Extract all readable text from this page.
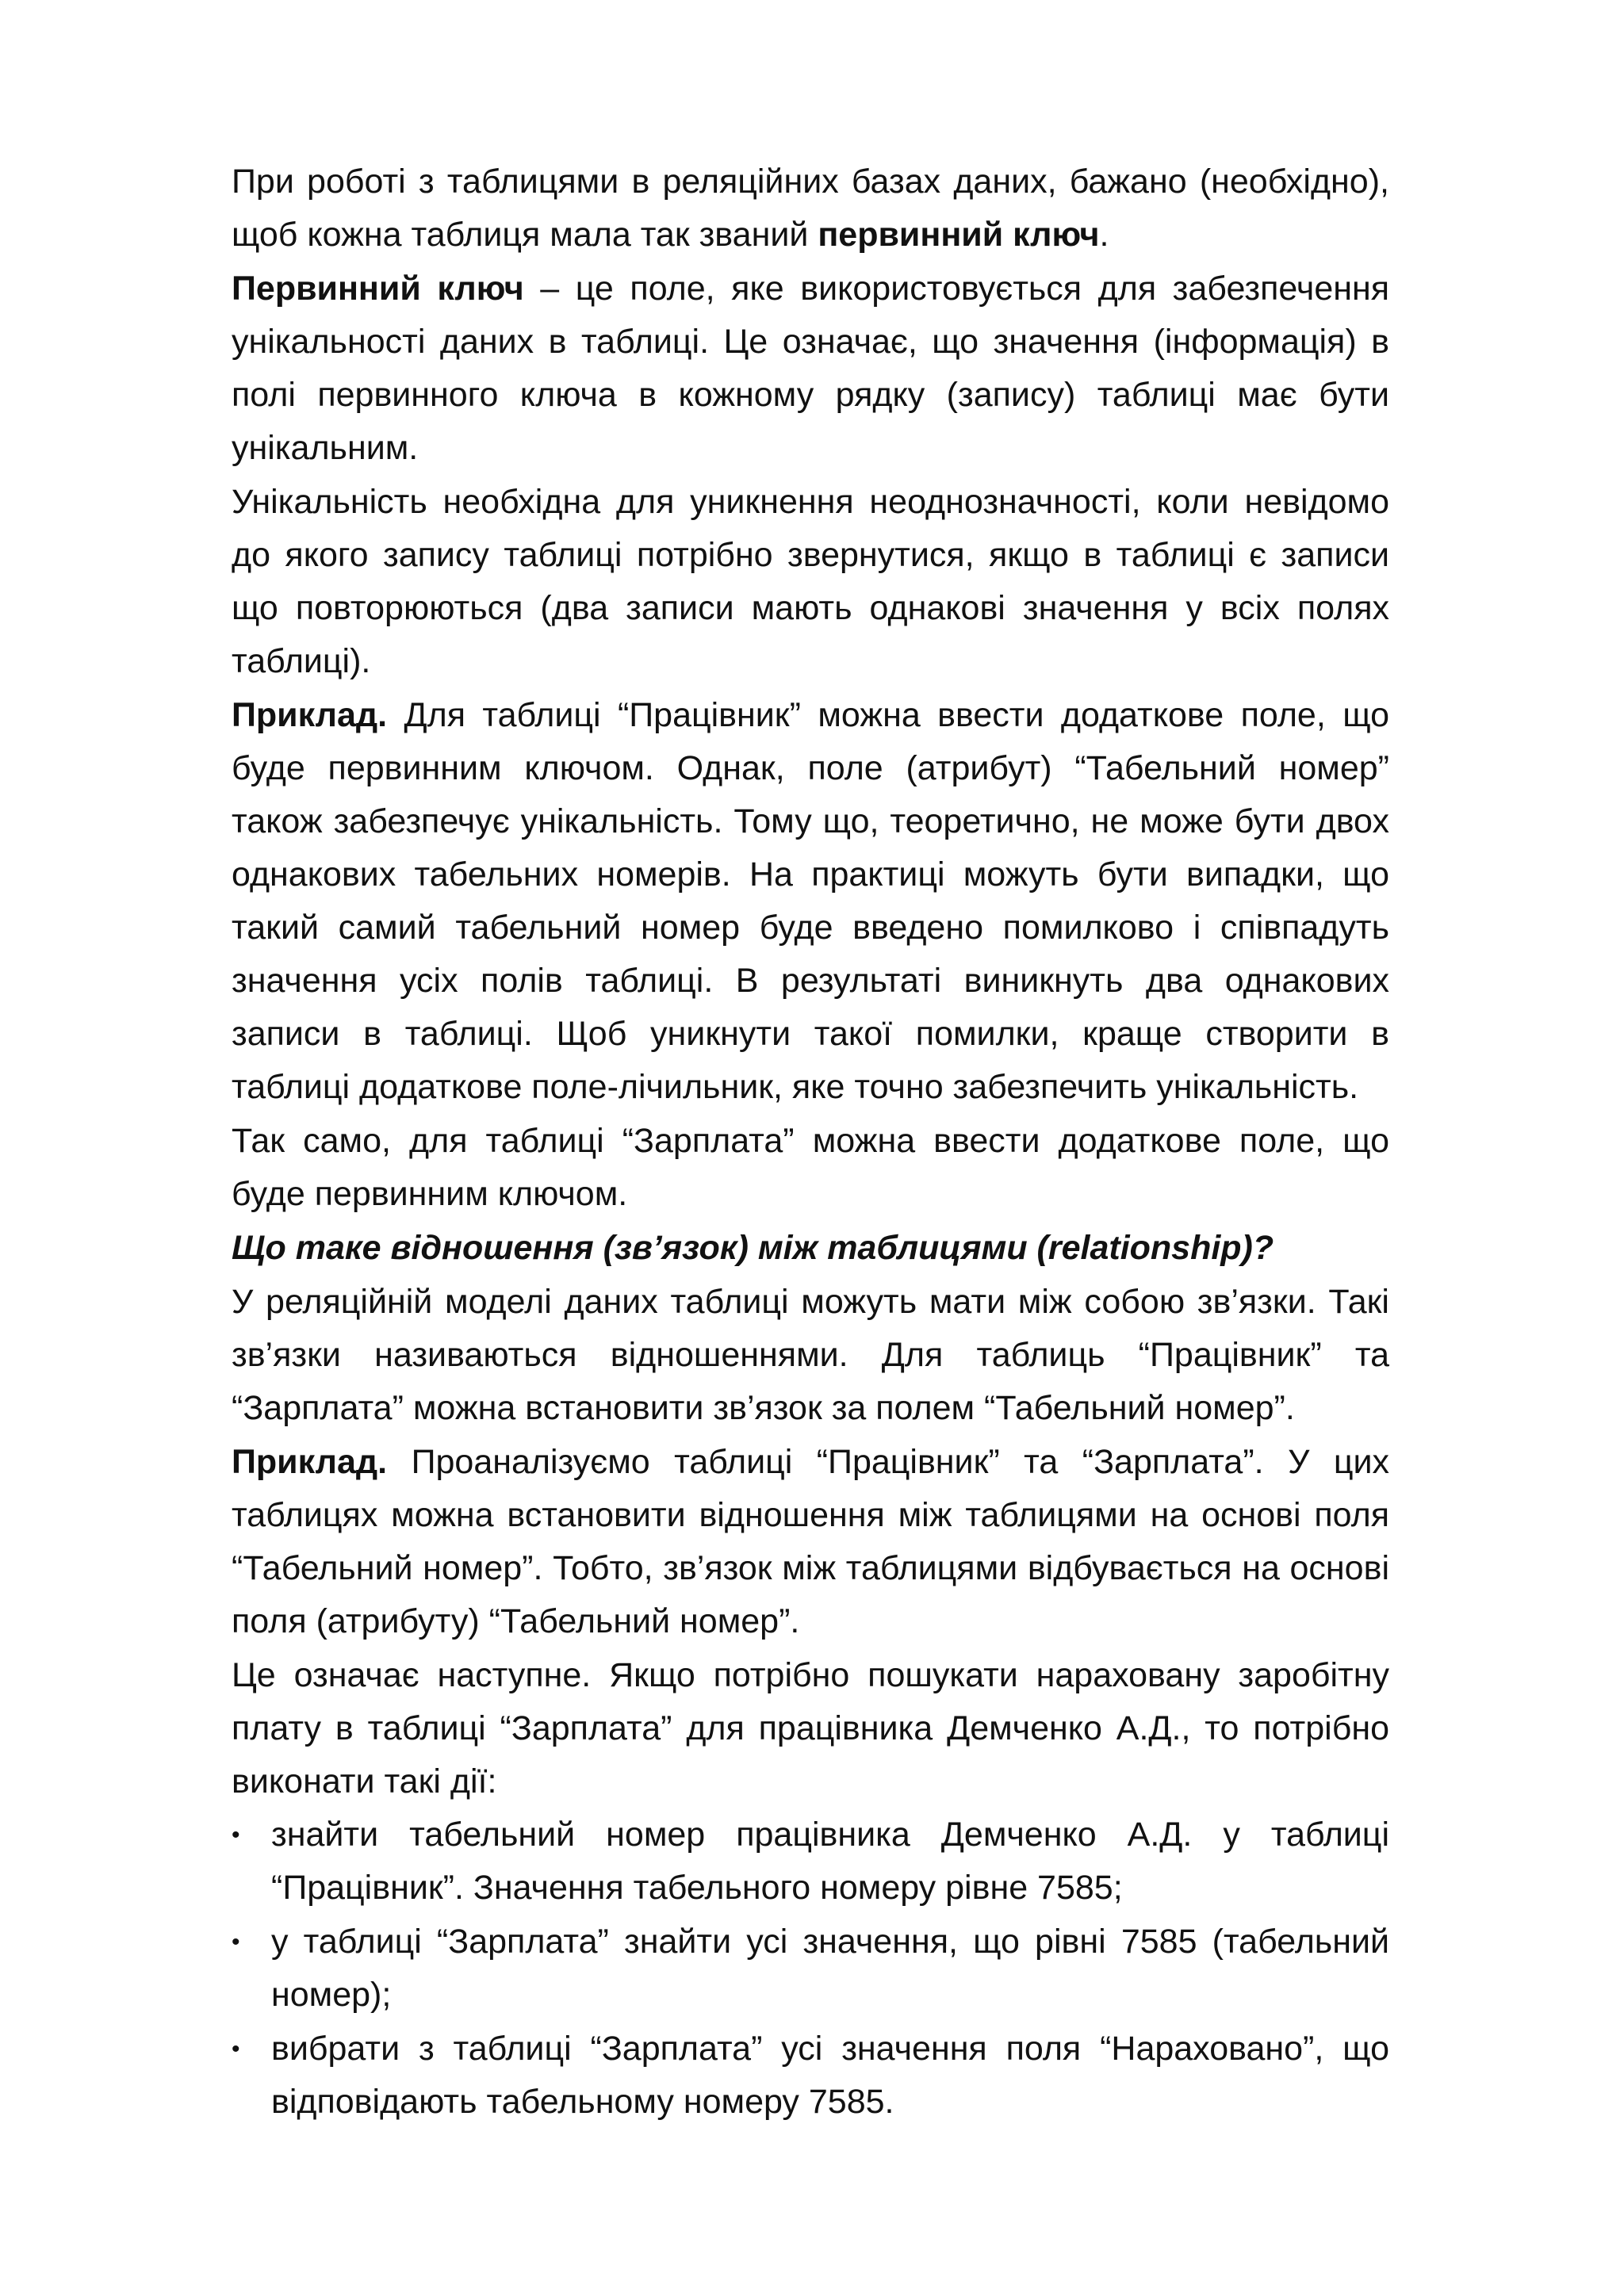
При роботі з таблицями в реляційних базах даних, бажано (необхідно), щоб кожна таблиця мала так званий первинний ключ.

Первинний ключ – це поле, яке використовується для забезпечення унікальності даних в таблиці. Це означає, що значення (інформація) в полі первинного ключа в кожному рядку (запису) таблиці має бути унікальним.

Унікальність необхідна для уникнення неоднозначності, коли невідомо до якого запису таблиці потрібно звернутися, якщо в таблиці є записи що повторюються (два записи мають однакові значення у всіх полях таблиці).

Приклад. Для таблиці “Працівник” можна ввести додаткове поле, що буде первинним ключом. Однак, поле (атрибут) “Табельний номер” також забезпечує унікальність. Тому що, теоретично, не може бути двох однакових табельних номерів. На практиці можуть бути випадки, що такий самий табельний номер буде введено помилково і співпадуть значення усіх полів таблиці. В результаті виникнуть два однакових записи в таблиці. Щоб уникнути такої помилки, краще створити в таблиці додаткове поле-лічильник, яке точно забезпечить унікальність.

Так само, для таблиці “Зарплата” можна ввести додаткове поле, що буде первинним ключом.

Що таке відношення (зв’язок) між таблицями (relationship)?

У реляційній моделі даних таблиці можуть мати між собою зв’язки. Такі зв’язки називаються відношеннями. Для таблиць “Працівник” та “Зарплата” можна встановити зв’язок за полем “Табельний номер”.

Приклад. Проаналізуємо таблиці “Працівник” та “Зарплата”. У цих таблицях можна встановити відношення між таблицями на основі поля “Табельний номер”. Тобто, зв’язок між таблицями відбувається на основі поля (атрибуту) “Табельний номер”.

Це означає наступне. Якщо потрібно пошукати нараховану заробітну плату в таблиці “Зарплата” для працівника Демченко А.Д., то потрібно виконати такі дії:

• знайти табельний номер працівника Демченко А.Д. у таблиці “Працівник”. Значення табельного номеру рівне 7585;
• у таблиці “Зарплата” знайти усі значення, що рівні 7585 (табельний номер);
• вибрати з таблиці “Зарплата” усі значення поля “Нараховано”, що відповідають табельному номеру 7585.
